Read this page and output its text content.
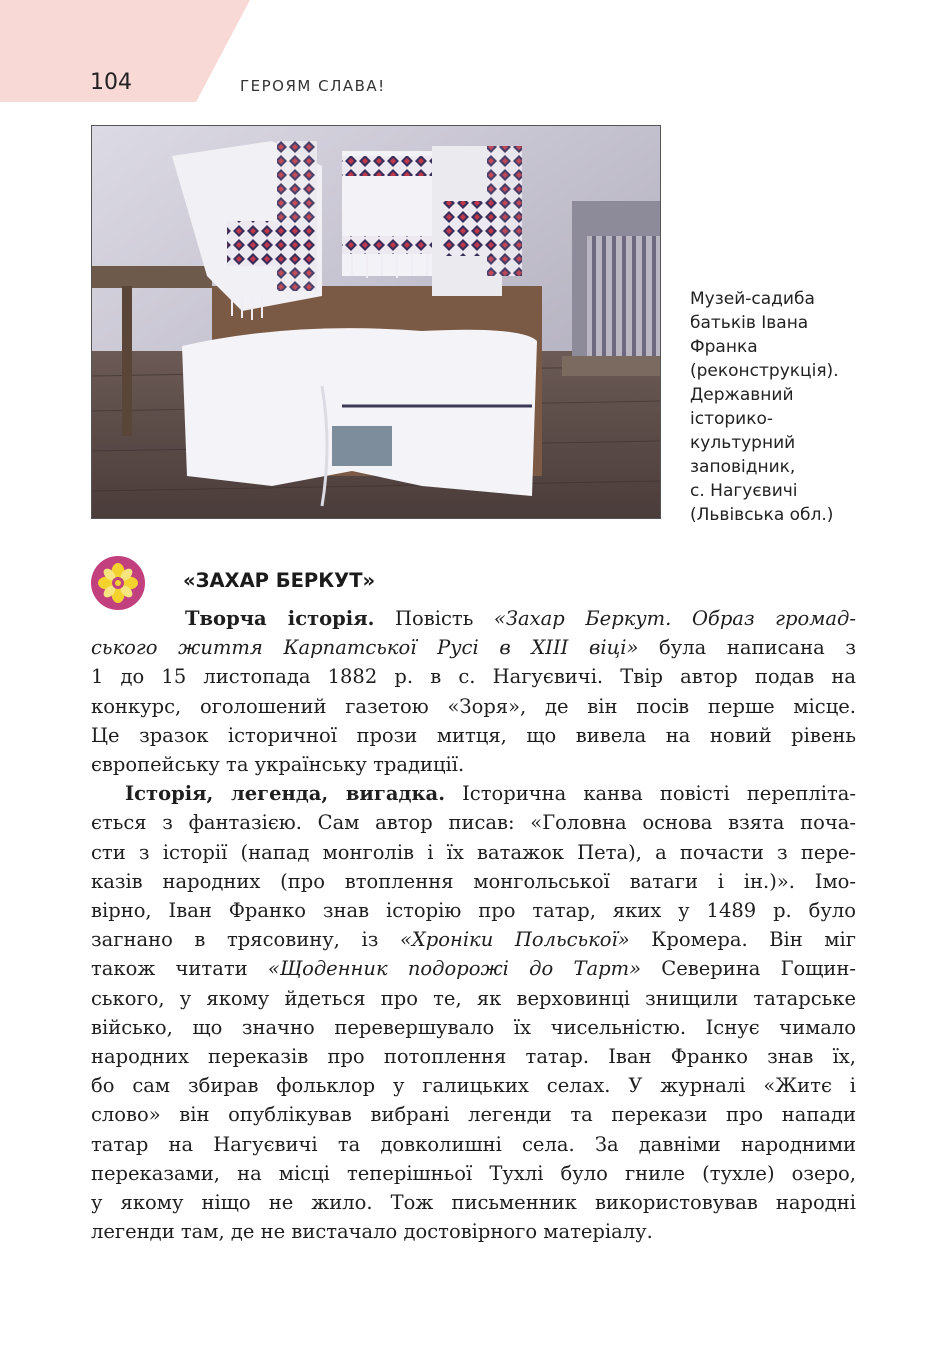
104	ГЕРОЯМ СЛАВА!
Музей-садиба
батьків Івана
Франка
(реконструкція).
Державний
історико-
культурний
заповідник,
с. Нагуєвичі
(Львівська обл.)
«ЗАХАР БЕРКУТ»
Творча історія. Повість «Захар Беркут. Образ громад-
ського життя Карпатської Русі в XIII віці» була написана з
1 до 15 листопада 1882 р. в с. Нагуєвичі. Твір автор подав на
конкурс, оголошений газетою «Зоря», де він посів перше місце.
Це зразок історичної прози митця, що вивела на новий рівень
європейську та українську традиції.
Історія, легенда, вигадка. Історична канва повісті перепліта-
ється з фантазією. Сам автор писав: «Головна основа взята поча-
сти з історії (напад монголів і їх ватажок Пета), а почасти з пере-
казів народних (про втоплення монгольської ватаги і ін.)». Імо-
вірно, Іван Франко знав історію про татар, яких у 1489 р. було
загнано в трясовину, із «Хроніки Польської» Кромера. Він міг
також читати «Щоденник подорожі до Тарт» Северина Гощин-
ського, у якому йдеться про те, як верховинці знищили татарське
військо, що значно перевершувало їх чисельністю. Існує чимало
народних переказів про потоплення татар. Іван Франко знав їх,
бо сам збирав фольклор у галицьких селах. У журналі «Житє і
слово» він опублікував вибрані легенди та перекази про напади
татар на Нагуєвичі та довколишні села. За давніми народними
переказами, на місці теперішньої Тухлі було гниле (тухле) озеро,
у якому ніщо не жило. Тож письменник використовував народні
легенди там, де не вистачало достовірного матеріалу.
